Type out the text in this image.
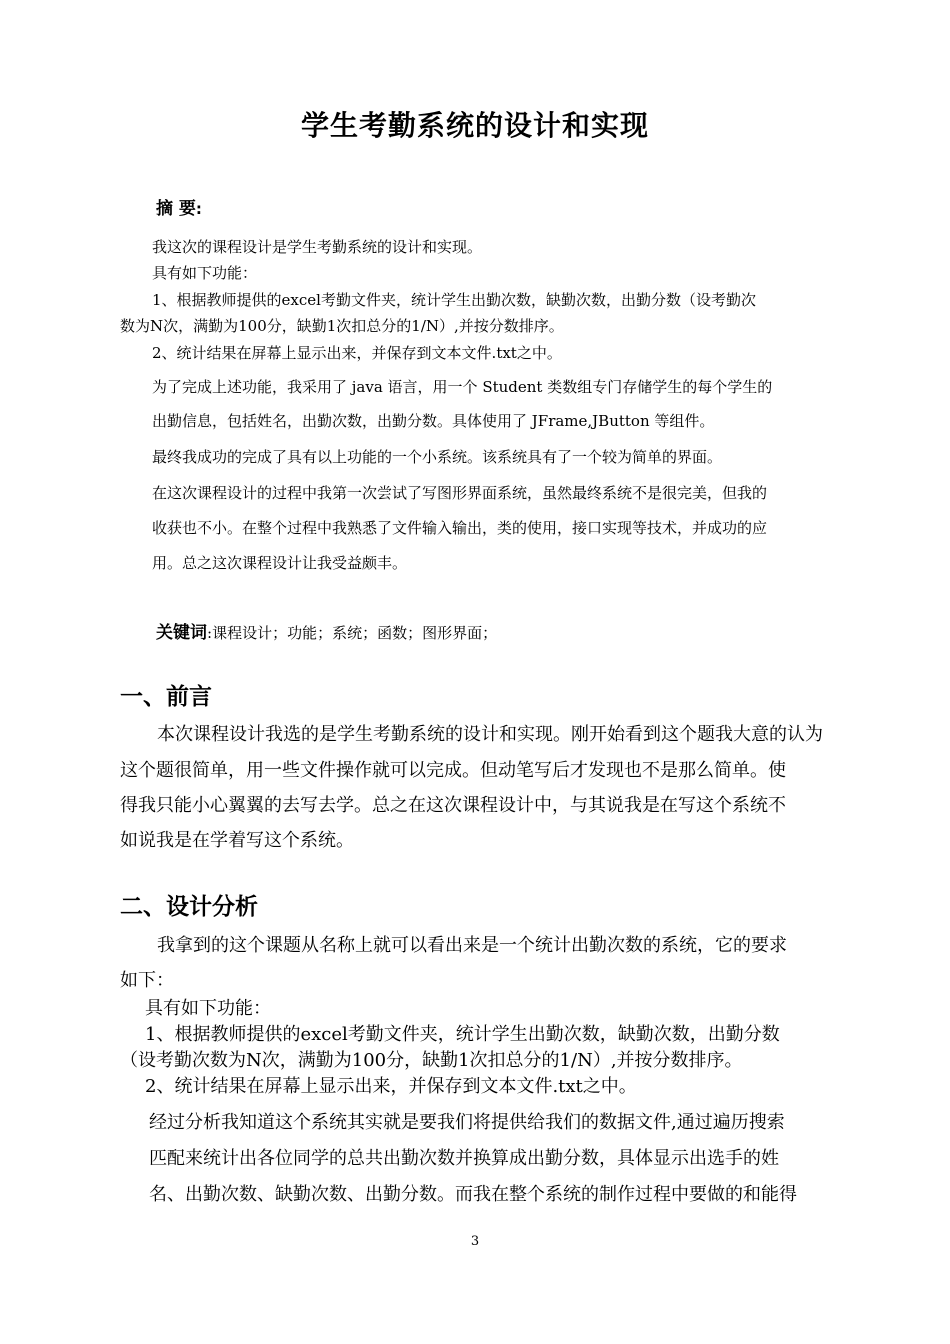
学生考勤系统的设计和实现
摘 要:
我这次的课程设计是学生考勤系统的设计和实现。
具有如下功能：
1、根据教师提供的excel考勤文件夹，统计学生出勤次数，缺勤次数，出勤分数（设考勤次
数为N次，满勤为100分，缺勤1次扣总分的1/N）,并按分数排序。
2、统计结果在屏幕上显示出来，并保存到文本文件.txt之中。
为了完成上述功能，我采用了 java 语言，用一个 Student 类数组专门存储学生的每个学生的
出勤信息，包括姓名，出勤次数，出勤分数。具体使用了 JFrame,JButton 等组件。
最终我成功的完成了具有以上功能的一个小系统。该系统具有了一个较为简单的界面。
在这次课程设计的过程中我第一次尝试了写图形界面系统，虽然最终系统不是很完美，但我的
收获也不小。在整个过程中我熟悉了文件输入输出，类的使用，接口实现等技术，并成功的应
用。总之这次课程设计让我受益颇丰。
关键词:课程设计；功能；系统；函数；图形界面；
一、前言
本次课程设计我选的是学生考勤系统的设计和实现。刚开始看到这个题我大意的认为
这个题很简单，用一些文件操作就可以完成。但动笔写后才发现也不是那么简单。使
得我只能小心翼翼的去写去学。总之在这次课程设计中，与其说我是在写这个系统不
如说我是在学着写这个系统。
二、设计分析
我拿到的这个课题从名称上就可以看出来是一个统计出勤次数的系统，它的要求
如下：
具有如下功能：
1、根据教师提供的excel考勤文件夹，统计学生出勤次数，缺勤次数，出勤分数
（设考勤次数为N次，满勤为100分，缺勤1次扣总分的1/N）,并按分数排序。
2、统计结果在屏幕上显示出来，并保存到文本文件.txt之中。
经过分析我知道这个系统其实就是要我们将提供给我们的数据文件,通过遍历搜索
匹配来统计出各位同学的总共出勤次数并换算成出勤分数，具体显示出选手的姓
名、出勤次数、缺勤次数、出勤分数。而我在整个系统的制作过程中要做的和能得
3
